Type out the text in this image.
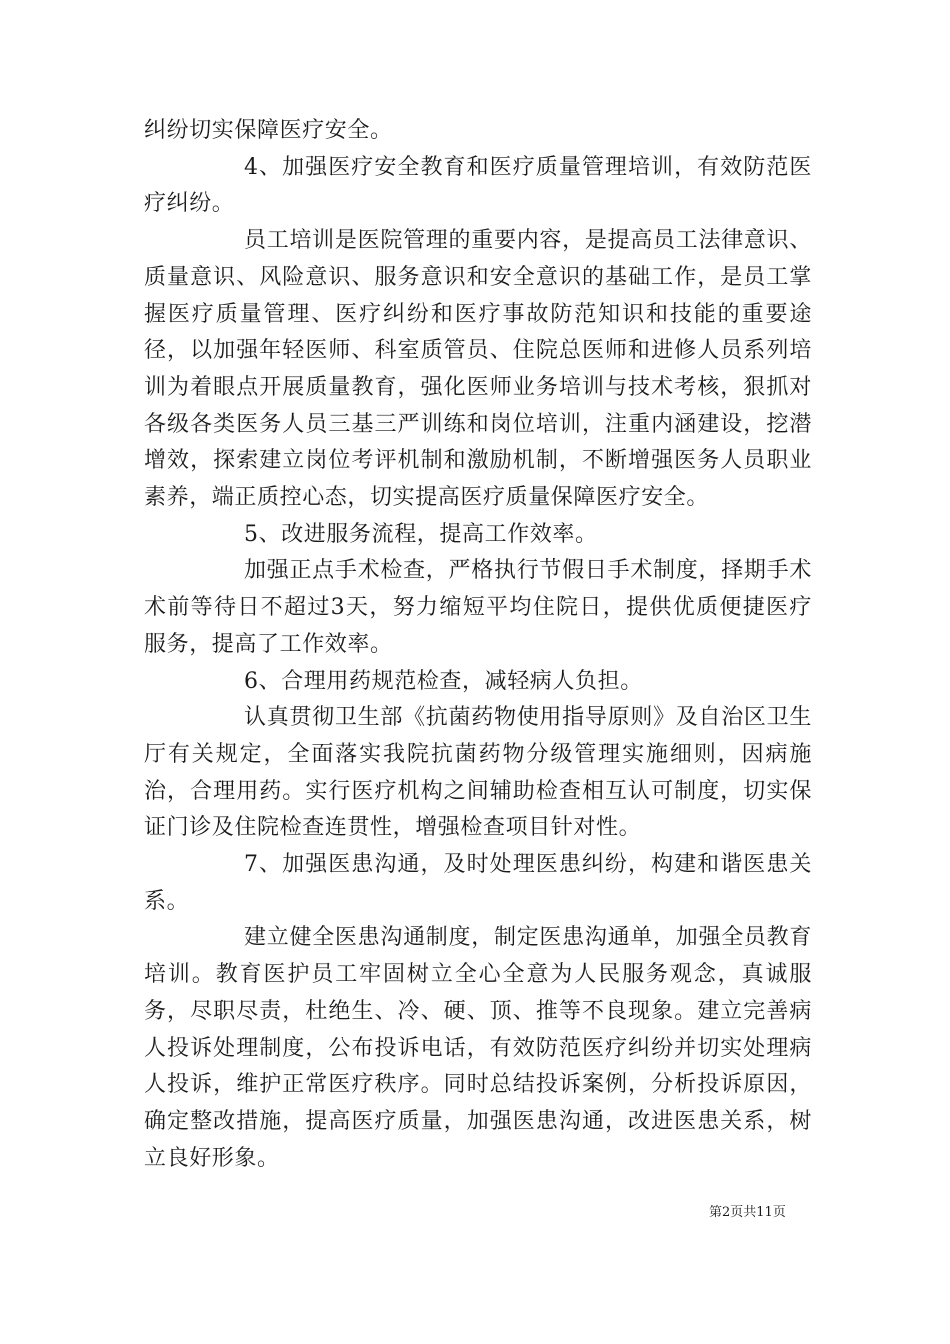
纠纷切实保障医疗安全。

4、加强医疗安全教育和医疗质量管理培训，有效防范医疗纠纷。

员工培训是医院管理的重要内容，是提高员工法律意识、质量意识、风险意识、服务意识和安全意识的基础工作，是员工掌握医疗质量管理、医疗纠纷和医疗事故防范知识和技能的重要途径，以加强年轻医师、科室质管员、住院总医师和进修人员系列培训为着眼点开展质量教育，强化医师业务培训与技术考核，狠抓对各级各类医务人员三基三严训练和岗位培训，注重内涵建设，挖潜增效，探索建立岗位考评机制和激励机制，不断增强医务人员职业素养，端正质控心态，切实提高医疗质量保障医疗安全。

5、改进服务流程，提高工作效率。

加强正点手术检查，严格执行节假日手术制度，择期手术术前等待日不超过3天，努力缩短平均住院日，提供优质便捷医疗服务，提高了工作效率。

6、合理用药规范检查，减轻病人负担。

认真贯彻卫生部《抗菌药物使用指导原则》及自治区卫生厅有关规定，全面落实我院抗菌药物分级管理实施细则，因病施治，合理用药。实行医疗机构之间辅助检查相互认可制度，切实保证门诊及住院检查连贯性，增强检查项目针对性。

7、加强医患沟通，及时处理医患纠纷，构建和谐医患关系。

建立健全医患沟通制度，制定医患沟通单，加强全员教育培训。教育医护员工牢固树立全心全意为人民服务观念，真诚服务，尽职尽责，杜绝生、冷、硬、顶、推等不良现象。建立完善病人投诉处理制度，公布投诉电话，有效防范医疗纠纷并切实处理病人投诉，维护正常医疗秩序。同时总结投诉案例，分析投诉原因，确定整改措施，提高医疗质量，加强医患沟通，改进医患关系，树立良好形象。

第2页共11页
